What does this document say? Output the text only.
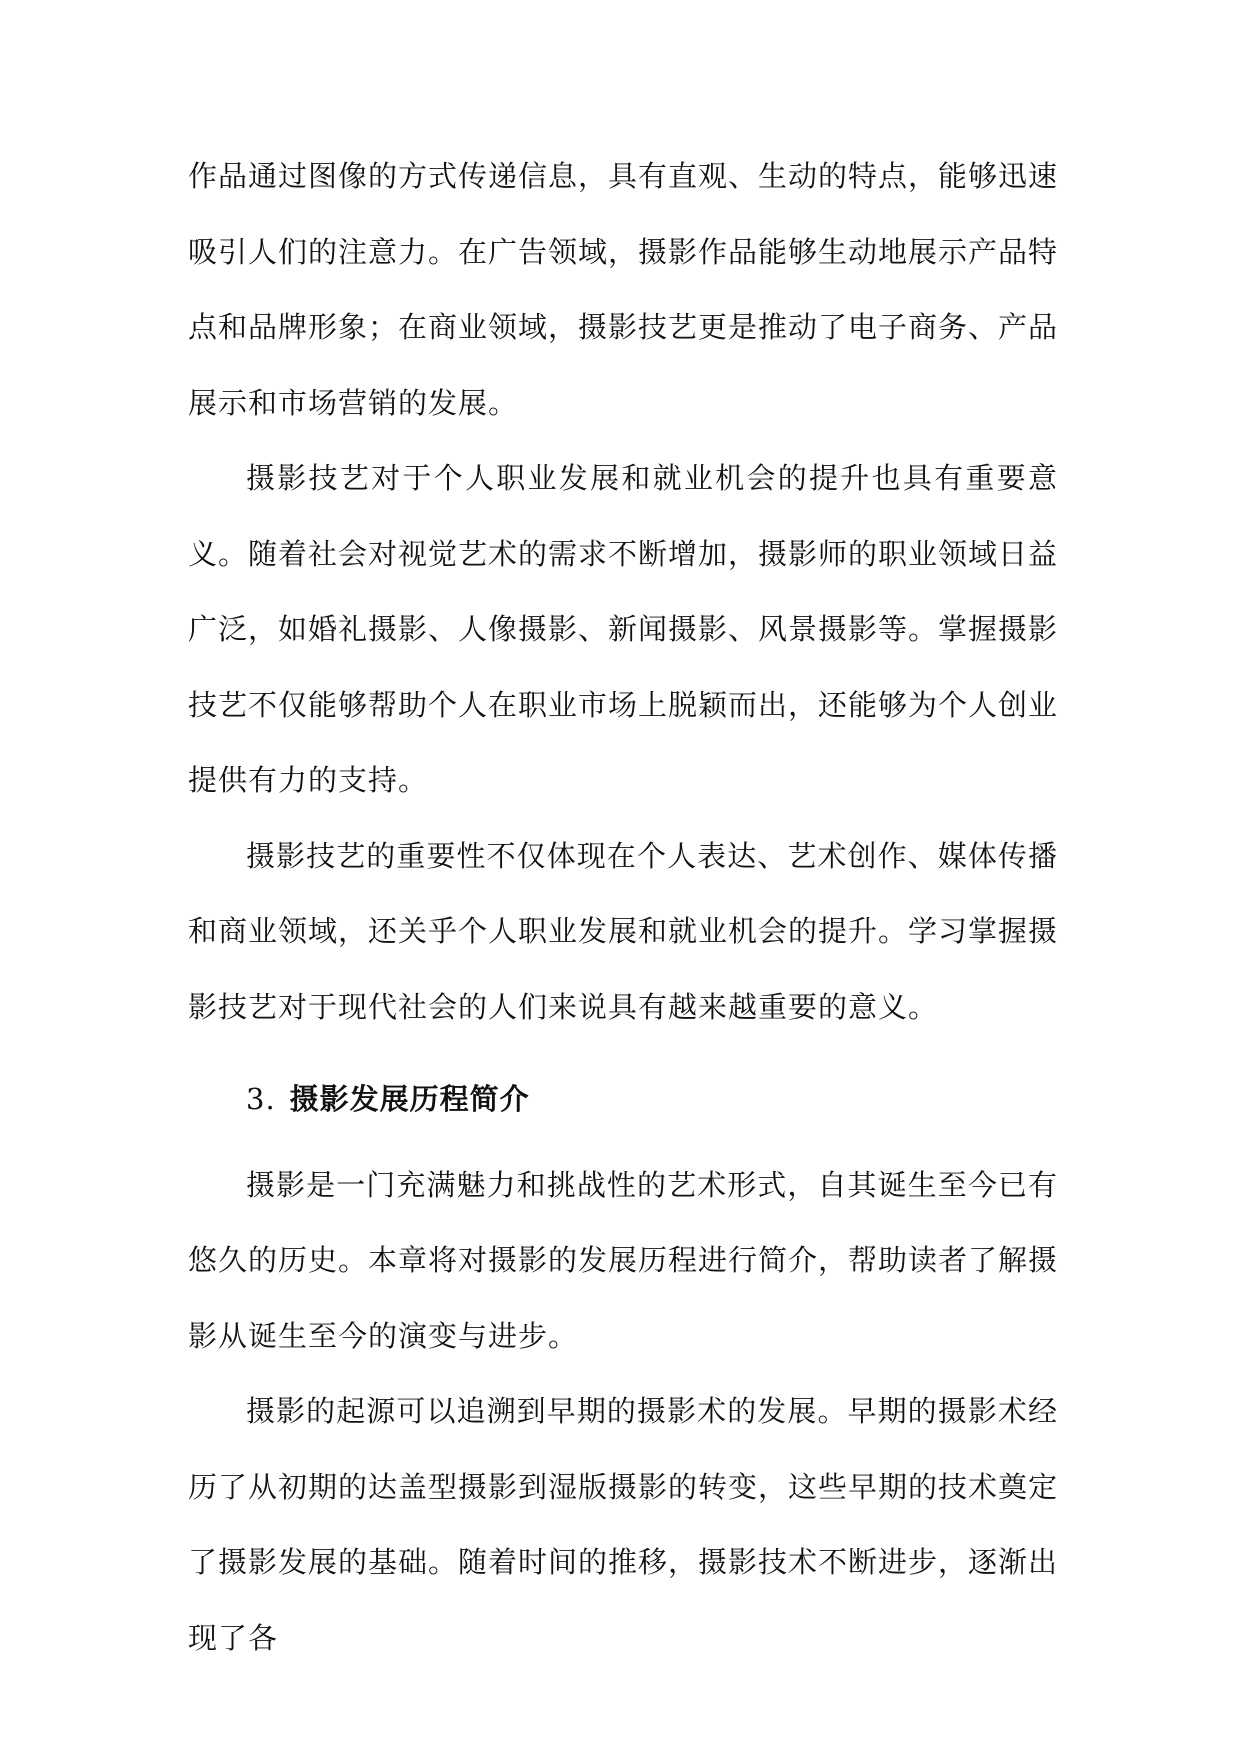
作品通过图像的方式传递信息，具有直观、生动的特点，能够迅速吸引人们的注意力。在广告领域，摄影作品能够生动地展示产品特点和品牌形象；在商业领域，摄影技艺更是推动了电子商务、产品展示和市场营销的发展。

摄影技艺对于个人职业发展和就业机会的提升也具有重要意义。随着社会对视觉艺术的需求不断增加，摄影师的职业领域日益广泛，如婚礼摄影、人像摄影、新闻摄影、风景摄影等。掌握摄影技艺不仅能够帮助个人在职业市场上脱颖而出，还能够为个人创业提供有力的支持。

摄影技艺的重要性不仅体现在个人表达、艺术创作、媒体传播和商业领域，还关乎个人职业发展和就业机会的提升。学习掌握摄影技艺对于现代社会的人们来说具有越来越重要的意义。

3. 摄影发展历程简介

摄影是一门充满魅力和挑战性的艺术形式，自其诞生至今已有悠久的历史。本章将对摄影的发展历程进行简介，帮助读者了解摄影从诞生至今的演变与进步。

摄影的起源可以追溯到早期的摄影术的发展。早期的摄影术经历了从初期的达盖型摄影到湿版摄影的转变，这些早期的技术奠定了摄影发展的基础。随着时间的推移，摄影技术不断进步，逐渐出现了各
